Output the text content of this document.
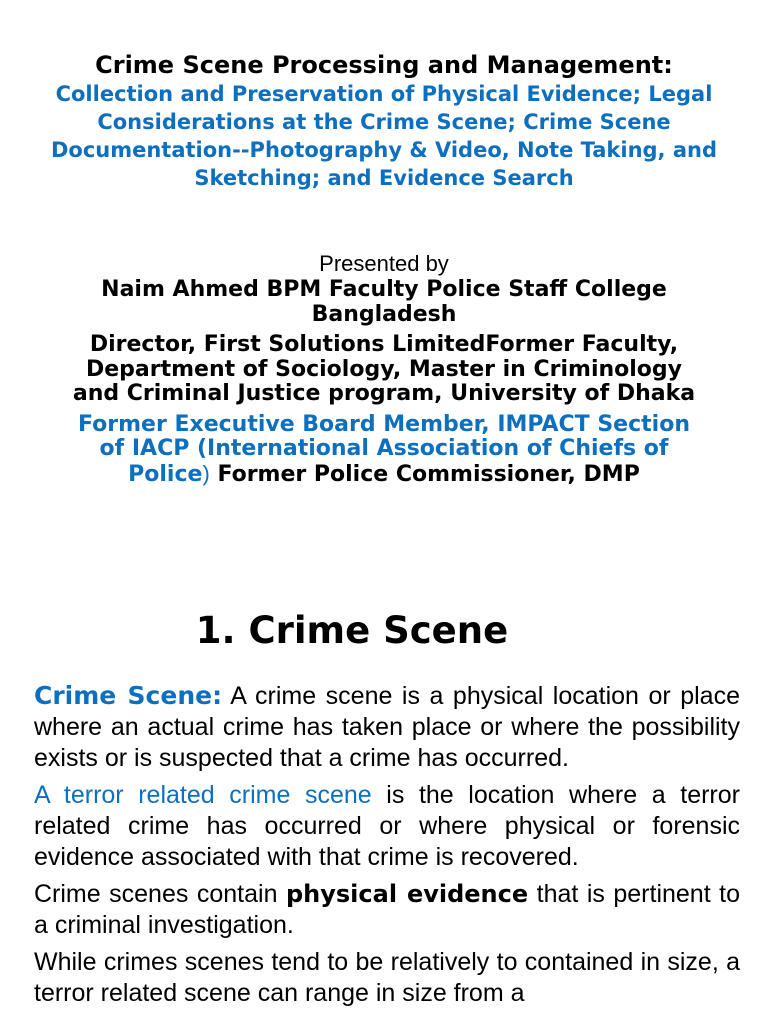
Crime Scene Processing and Management:

Collection and Preservation of Physical Evidence; Legal Considerations at the Crime Scene; Crime Scene Documentation--Photography & Video, Note Taking, and Sketching; and Evidence Search

Presented by

Naim Ahmed BPM Faculty Police Staff College Bangladesh

Director, First Solutions LimitedFormer Faculty, Department of Sociology, Master in Criminology and Criminal Justice program, University of Dhaka

Former Executive Board Member, IMPACT Section of IACP (International Association of Chiefs of Police) Former Police Commissioner, DMP

1. Crime Scene

Crime Scene: A crime scene is a physical location or place where an actual crime has taken place or where the possibility exists or is suspected that a crime has occurred.

A terror related crime scene is the location where a terror related crime has occurred or where physical or forensic evidence associated with that crime is recovered.

Crime scenes contain physical evidence that is pertinent to a criminal investigation.

While crimes scenes tend to be relatively to contained in size, a terror related scene can range in size from a
